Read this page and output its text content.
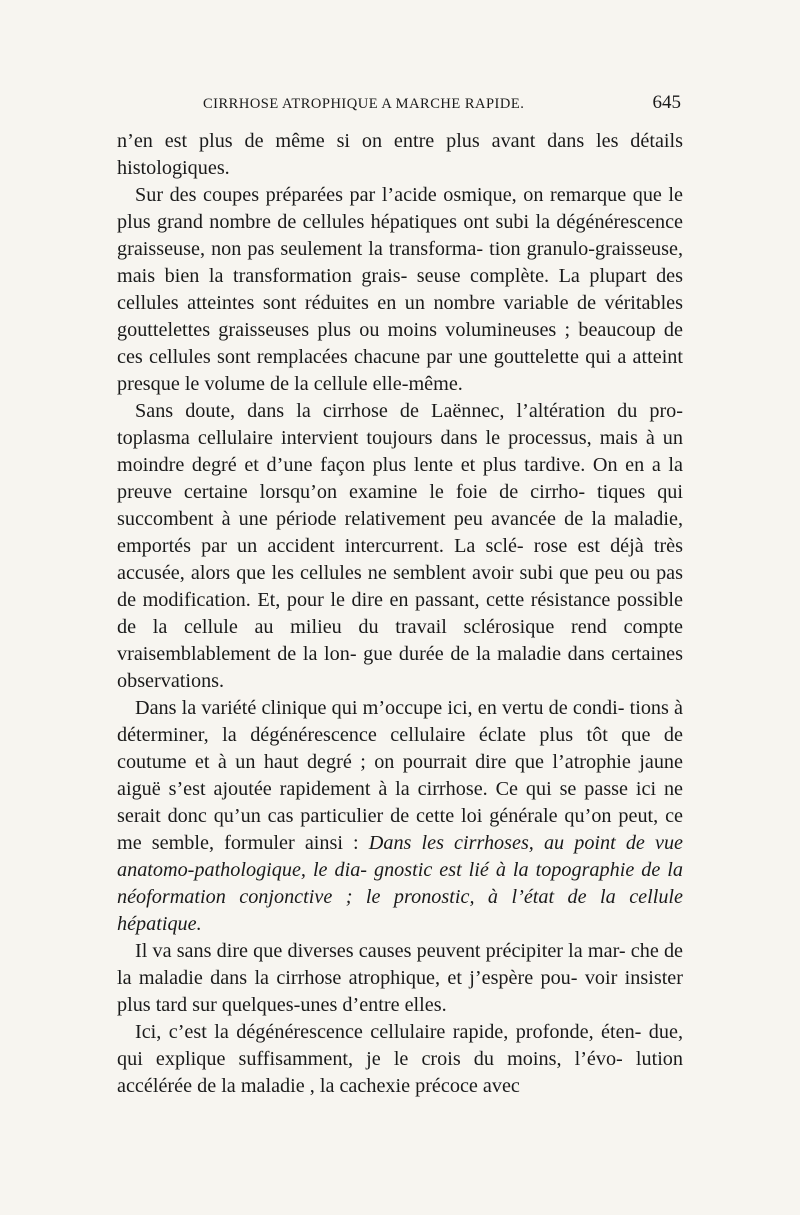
CIRRHOSE ATROPHIQUE A MARCHE RAPIDE.	645

n’en est plus de même si on entre plus avant dans les détails histologiques.

Sur des coupes préparées par l’acide osmique, on remarque que le plus grand nombre de cellules hépatiques ont subi la dégénérescence graisseuse, non pas seulement la transforma- tion granulo-graisseuse, mais bien la transformation grais- seuse complète. La plupart des cellules atteintes sont réduites en un nombre variable de véritables gouttelettes graisseuses plus ou moins volumineuses ; beaucoup de ces cellules sont remplacées chacune par une gouttelette qui a atteint presque le volume de la cellule elle-même.

Sans doute, dans la cirrhose de Laënnec, l’altération du pro- toplasma cellulaire intervient toujours dans le processus, mais à un moindre degré et d’une façon plus lente et plus tardive. On en a la preuve certaine lorsqu’on examine le foie de cirrho- tiques qui succombent à une période relativement peu avancée de la maladie, emportés par un accident intercurrent. La sclé- rose est déjà très accusée, alors que les cellules ne semblent avoir subi que peu ou pas de modification. Et, pour le dire en passant, cette résistance possible de la cellule au milieu du travail sclérosique rend compte vraisemblablement de la lon- gue durée de la maladie dans certaines observations.

Dans la variété clinique qui m’occupe ici, en vertu de condi- tions à déterminer, la dégénérescence cellulaire éclate plus tôt que de coutume et à un haut degré ; on pourrait dire que l’atrophie jaune aiguë s’est ajoutée rapidement à la cirrhose. Ce qui se passe ici ne serait donc qu’un cas particulier de cette loi générale qu’on peut, ce me semble, formuler ainsi : Dans les cirrhoses, au point de vue anatomo-pathologique, le dia- gnostic est lié à la topographie de la néoformation conjonctive ; le pronostic, à l’état de la cellule hépatique.

Il va sans dire que diverses causes peuvent précipiter la mar- che de la maladie dans la cirrhose atrophique, et j’espère pou- voir insister plus tard sur quelques-unes d’entre elles.

Ici, c’est la dégénérescence cellulaire rapide, profonde, éten- due, qui explique suffisamment, je le crois du moins, l’évo- lution accélérée de la maladie , la cachexie précoce avec
